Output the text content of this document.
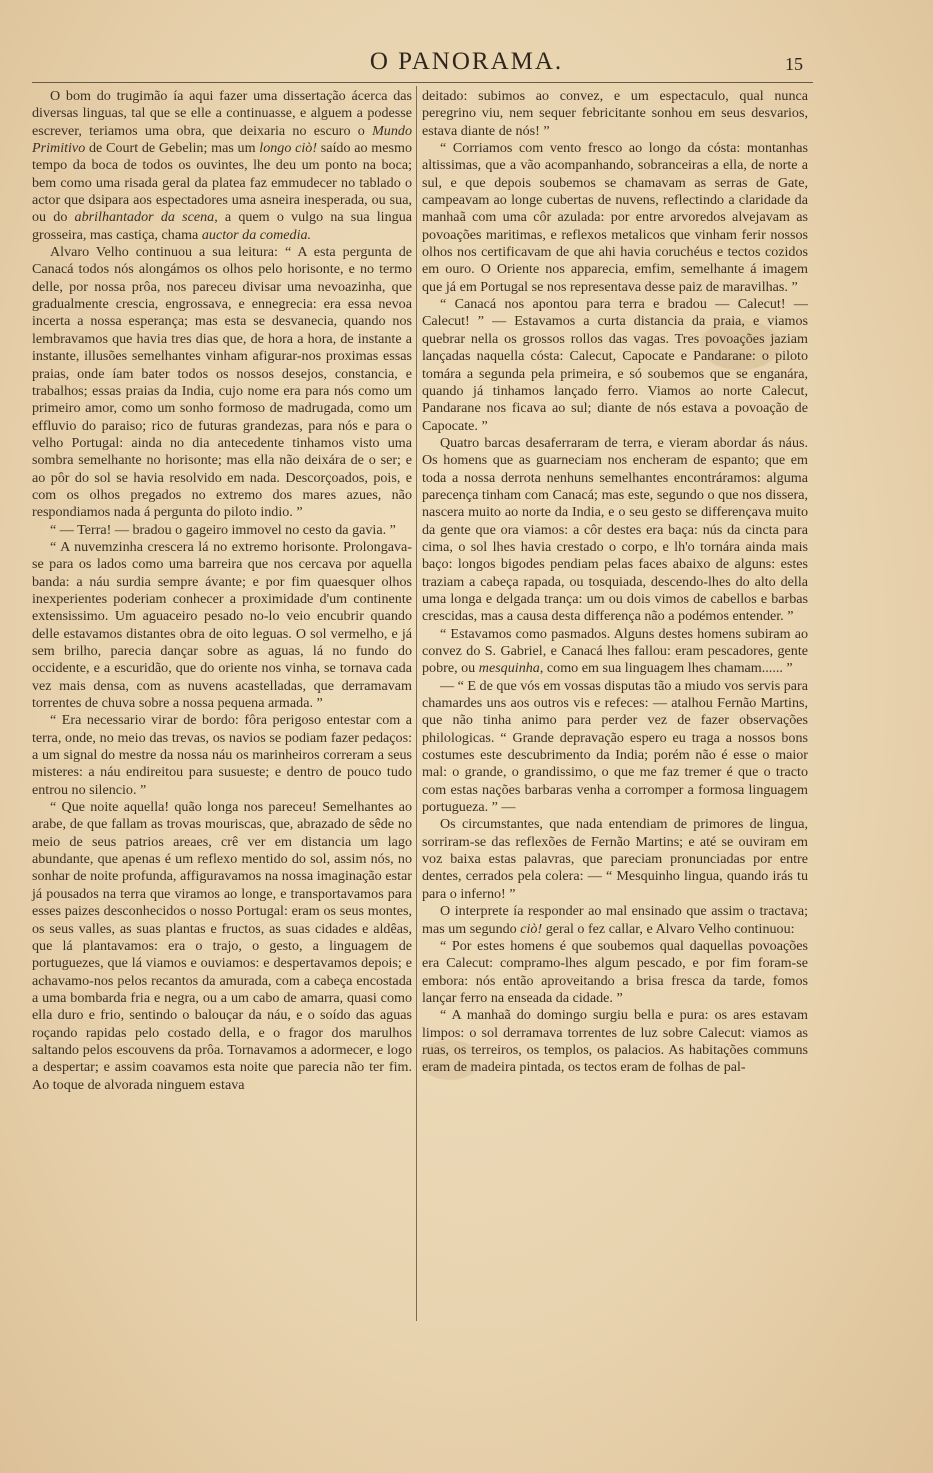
O PANORAMA.	15

O bom do trugimão ía aqui fazer uma dissertação ácerca das diversas linguas, tal que se elle a continuasse, e alguem a podesse escrever, teriamos uma obra, que deixaria no escuro o Mundo Primitivo de Court de Gebelin; mas um longo ciò! saído ao mesmo tempo da boca de todos os ouvintes, lhe deu um ponto na boca; bem como uma risada geral da platea faz emmudecer no tablado o actor que dsipara aos espectadores uma asneira inesperada, ou sua, ou do abrilhantador da scena, a quem o vulgo na sua lingua grosseira, mas castiça, chama auctor da comedia.

Alvaro Velho continuou a sua leitura: “ A esta pergunta de Canacá todos nós alongámos os olhos pelo horisonte, e no termo delle, por nossa prôa, nos pareceu divisar uma nevoazinha, que gradualmente crescia, engrossava, e ennegrecia: era essa nevoa incerta a nossa esperança; mas esta se desvanecia, quando nos lembravamos que havia tres dias que, de hora a hora, de instante a instante, illusões semelhantes vinham afigurar-nos proximas essas praias, onde íam bater todos os nossos desejos, constancia, e trabalhos; essas praias da India, cujo nome era para nós como um primeiro amor, como um sonho formoso de madrugada, como um effluvio do paraiso; rico de futuras grandezas, para nós e para o velho Portugal: ainda no dia antecedente tinhamos visto uma sombra semelhante no horisonte; mas ella não deixára de o ser; e ao pôr do sol se havia resolvido em nada. Descorçoados, pois, e com os olhos pregados no extremo dos mares azues, não respondiamos nada á pergunta do piloto indio. ”

“ — Terra! — bradou o gageiro immovel no cesto da gavia. ”

“ A nuvemzinha crescera lá no extremo horisonte. Prolongava-se para os lados como uma barreira que nos cercava por aquella banda: a náu surdia sempre ávante; e por fim quaesquer olhos inexperientes poderiam conhecer a proximidade d'um continente extensissimo. Um aguaceiro pesado no-lo veio encubrir quando delle estavamos distantes obra de oito leguas. O sol vermelho, e já sem brilho, parecia dançar sobre as aguas, lá no fundo do occidente, e a escuridão, que do oriente nos vinha, se tornava cada vez mais densa, com as nuvens acastelladas, que derramavam torrentes de chuva sobre a nossa pequena armada. ”

“ Era necessario virar de bordo: fôra perigoso entestar com a terra, onde, no meio das trevas, os navios se podiam fazer pedaços: a um signal do mestre da nossa náu os marinheiros correram a seus misteres: a náu endireitou para susueste; e dentro de pouco tudo entrou no silencio. ”

“ Que noite aquella! quão longa nos pareceu! Semelhantes ao arabe, de que fallam as trovas mouriscas, que, abrazado de sêde no meio de seus patrios areaes, crê ver em distancia um lago abundante, que apenas é um reflexo mentido do sol, assim nós, no sonhar de noite profunda, affiguravamos na nossa imaginação estar já pousados na terra que viramos ao longe, e transportavamos para esses paizes desconhecidos o nosso Portugal: eram os seus montes, os seus valles, as suas plantas e fructos, as suas cidades e aldêas, que lá plantavamos: era o trajo, o gesto, a linguagem de portuguezes, que lá viamos e ouviamos: e despertavamos depois; e achavamo-nos pelos recantos da amurada, com a cabeça encostada a uma bombarda fria e negra, ou a um cabo de amarra, quasi como ella duro e frio, sentindo o balouçar da náu, e o soído das aguas roçando rapidas pelo costado della, e o fragor dos marulhos saltando pelos escouvens da prôa. Tornavamos a adormecer, e logo a despertar; e assim coavamos esta noite que parecia não ter fim. Ao toque de alvorada ninguem estava

deitado: subimos ao convez, e um espectaculo, qual nunca peregrino viu, nem sequer febricitante sonhou em seus desvarios, estava diante de nós! ”

“ Corriamos com vento fresco ao longo da cósta: montanhas altissimas, que a vão acompanhando, sobranceiras a ella, de norte a sul, e que depois soubemos se chamavam as serras de Gate, campeavam ao longe cubertas de nuvens, reflectindo a claridade da manhaã com uma côr azulada: por entre arvoredos alvejavam as povoações maritimas, e reflexos metalicos que vinham ferir nossos olhos nos certificavam de que ahi havia coruchéus e tectos cozidos em ouro. O Oriente nos apparecia, emfim, semelhante á imagem que já em Portugal se nos representava desse paiz de maravilhas. ”

“ Canacá nos apontou para terra e bradou — Calecut! — Calecut! ” — Estavamos a curta distancia da praia, e viamos quebrar nella os grossos rollos das vagas. Tres povoações jaziam lançadas naquella cósta: Calecut, Capocate e Pandarane: o piloto tomára a segunda pela primeira, e só soubemos que se enganára, quando já tinhamos lançado ferro. Viamos ao norte Calecut, Pandarane nos ficava ao sul; diante de nós estava a povoação de Capocate. ”

Quatro barcas desaferraram de terra, e vieram abordar ás náus. Os homens que as guarneciam nos encheram de espanto; que em toda a nossa derrota nenhuns semelhantes encontráramos: alguma parecença tinham com Canacá; mas este, segundo o que nos dissera, nascera muito ao norte da India, e o seu gesto se differençava muito da gente que ora viamos: a côr destes era baça: nús da cincta para cima, o sol lhes havia crestado o corpo, e lh'o tornára ainda mais baço: longos bigodes pendiam pelas faces abaixo de alguns: estes traziam a cabeça rapada, ou tosquiada, descendo-lhes do alto della uma longa e delgada trança: um ou dois vimos de cabellos e barbas crescidas, mas a causa desta differença não a podémos entender. ”

“ Estavamos como pasmados. Alguns destes homens subiram ao convez do S. Gabriel, e Canacá lhes fallou: eram pescadores, gente pobre, ou mesquinha, como em sua linguagem lhes chamam...... ”

— “ E de que vós em vossas disputas tão a miudo vos servis para chamardes uns aos outros vis e refeces: — atalhou Fernão Martins, que não tinha animo para perder vez de fazer observações philologicas. “ Grande depravação espero eu traga a nossos bons costumes este descubrimento da India; porém não é esse o maior mal: o grande, o grandissimo, o que me faz tremer é que o tracto com estas nações barbaras venha a corromper a formosa linguagem portugueza. ” —

Os circumstantes, que nada entendiam de primores de lingua, sorriram-se das reflexões de Fernão Martins; e até se ouviram em voz baixa estas palavras, que pareciam pronunciadas por entre dentes, cerrados pela colera: — “ Mesquinho lingua, quando irás tu para o inferno! ”

O interprete ía responder ao mal ensinado que assim o tractava; mas um segundo ciò! geral o fez callar, e Alvaro Velho continuou:

“ Por estes homens é que soubemos qual daquellas povoações era Calecut: compramo-lhes algum pescado, e por fim foram-se embora: nós então aproveitando a brisa fresca da tarde, fomos lançar ferro na enseada da cidade. ”

“ A manhaã do domingo surgiu bella e pura: os ares estavam limpos: o sol derramava torrentes de luz sobre Calecut: viamos as ruas, os terreiros, os templos, os palacios. As habitações communs eram de madeira pintada, os tectos eram de folhas de pal-
